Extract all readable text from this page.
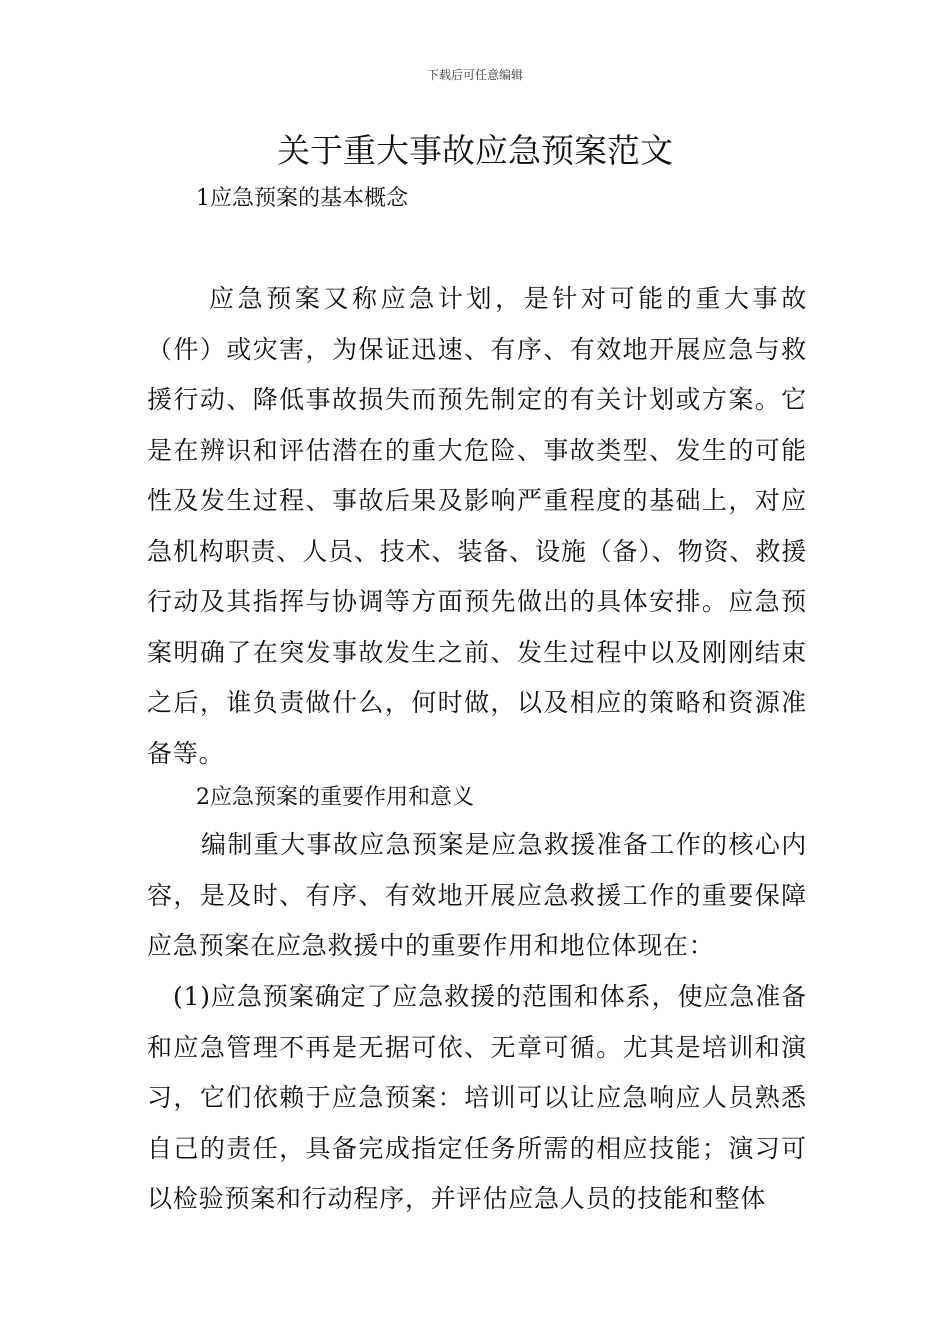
下载后可任意编辑
关于重大事故应急预案范文
1应急预案的基本概念

应急预案又称应急计划，是针对可能的重大事故（件）或灾害，为保证迅速、有序、有效地开展应急与救援行动、降低事故损失而预先制定的有关计划或方案。它是在辨识和评估潜在的重大危险、事故类型、发生的可能性及发生过程、事故后果及影响严重程度的基础上，对应急机构职责、人员、技术、装备、设施（备）、物资、救援行动及其指挥与协调等方面预先做出的具体安排。应急预案明确了在突发事故发生之前、发生过程中以及刚刚结束之后，谁负责做什么，何时做，以及相应的策略和资源准备等。

2应急预案的重要作用和意义

编制重大事故应急预案是应急救援准备工作的核心内容，是及时、有序、有效地开展应急救援工作的重要保障应急预案在应急救援中的重要作用和地位体现在：

(1)应急预案确定了应急救援的范围和体系，使应急准备和应急管理不再是无据可依、无章可循。尤其是培训和演习，它们依赖于应急预案：培训可以让应急响应人员熟悉自己的责任，具备完成指定任务所需的相应技能；演习可以检验预案和行动程序，并评估应急人员的技能和整体
